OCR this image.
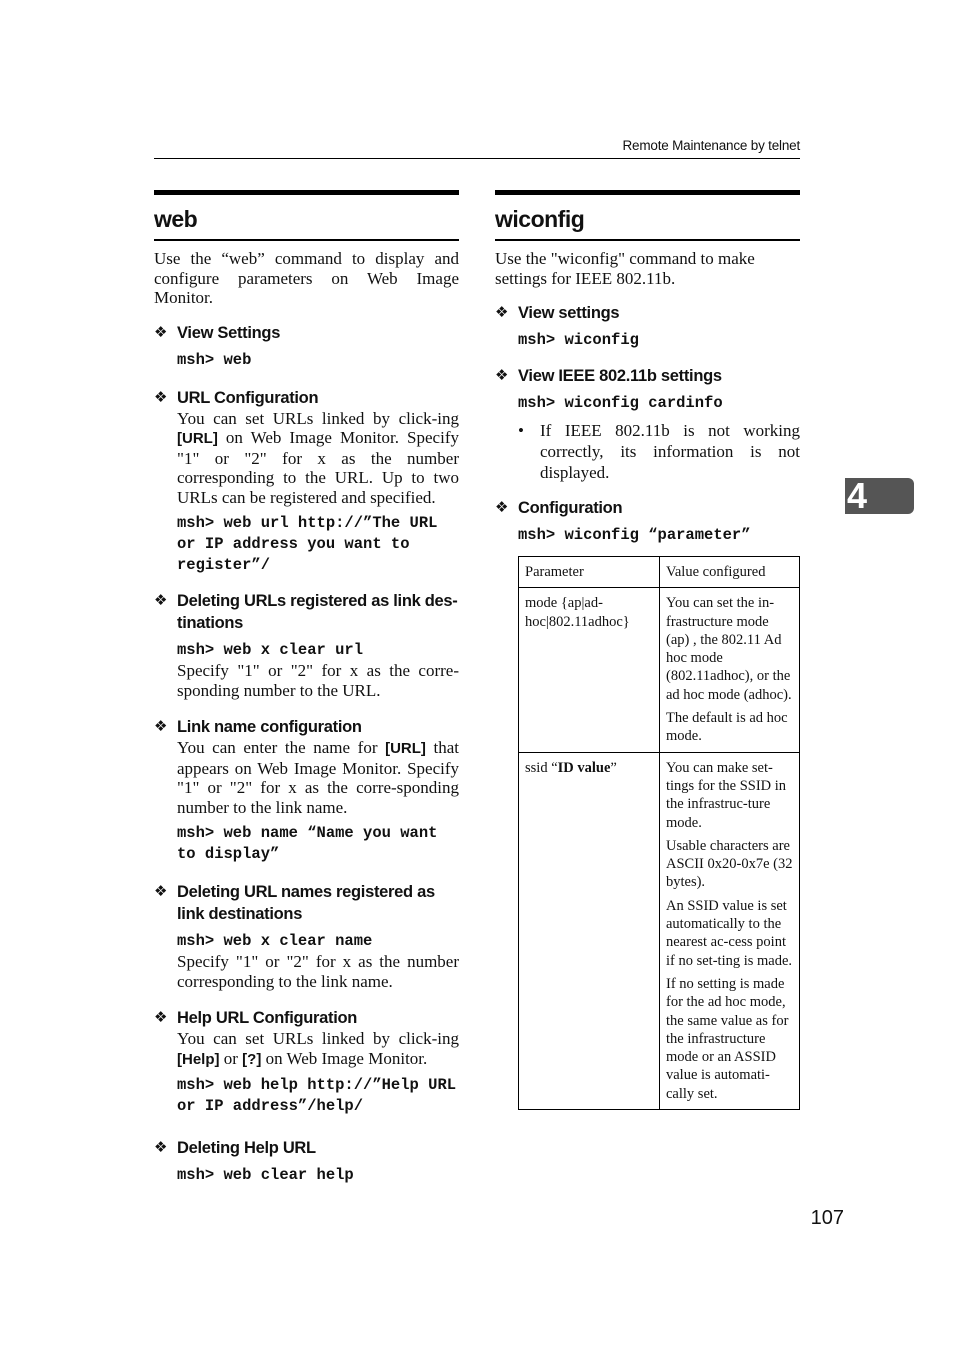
Remote Maintenance by telnet
web
Use the “web” command to display and configure parameters on Web Image Monitor.
❖ View Settings
msh> web
❖ URL Configuration
You can set URLs linked by click-ing [URL] on Web Image Monitor. Specify "1" or "2" for x as the number corresponding to the URL. Up to two URLs can be registered and specified.
msh> web url http://”The URL or IP address you want to register”/
❖ Deleting URLs registered as link des-tinations
msh> web x clear url
Specify "1" or "2" for x as the corre-sponding number to the URL.
❖ Link name configuration
You can enter the name for [URL] that appears on Web Image Monitor. Specify "1" or "2" for x as the corre-sponding number to the link name.
msh> web name “Name you want to display”
❖ Deleting URL names registered as link destinations
msh> web x clear name
Specify "1" or "2" for x as the number corresponding to the link name.
❖ Help URL Configuration
You can set URLs linked by click-ing [Help] or [?] on Web Image Monitor.
msh> web help http://”Help URL or IP address”/help/
❖ Deleting Help URL
msh> web clear help
wiconfig
Use the "wiconfig" command to make settings for IEEE 802.11b.
❖ View settings
msh> wiconfig
❖ View IEEE 802.11b settings
msh> wiconfig cardinfo
• If IEEE 802.11b is not working correctly, its information is not displayed.
❖ Configuration
msh> wiconfig “parameter”
Parameter	Value configured
mode {ap|ad-hoc|802.11adhoc}	You can set the in-frastructure mode (ap) , the 802.11 Ad hoc mode (802.11adhoc), or the ad hoc mode (adhoc).

The default is ad hoc mode.

ssid “ID value”	You can make set-tings for the SSID in the infrastruc-ture mode.

Usable characters are ASCII 0x20-0x7e (32 bytes).

An SSID value is set automatically to the nearest ac-cess point if no set-ting is made.

If no setting is made for the ad hoc mode, the same value as for the infrastructure mode or an ASSID value is automati-cally set.

4
107
